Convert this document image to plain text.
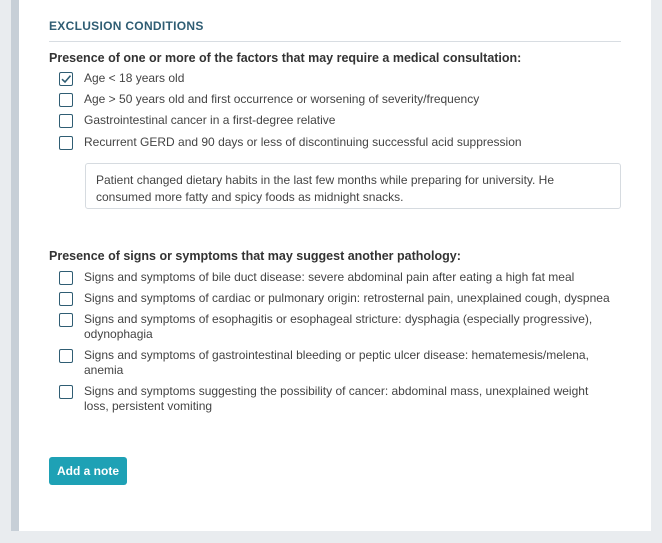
EXCLUSION CONDITIONS
Presence of one or more of the factors that may require a medical consultation:
Age < 18 years old
Age > 50 years old and first occurrence or worsening of severity/frequency
Gastrointestinal cancer in a first-degree relative
Recurrent GERD and 90 days or less of discontinuing successful acid suppression
Patient changed dietary habits in the last few months while preparing for university. He consumed more fatty and spicy foods as midnight snacks.
Presence of signs or symptoms that may suggest another pathology:
Signs and symptoms of bile duct disease: severe abdominal pain after eating a high fat meal
Signs and symptoms of cardiac or pulmonary origin: retrosternal pain, unexplained cough, dyspnea
Signs and symptoms of esophagitis or esophageal stricture: dysphagia (especially progressive), odynophagia
Signs and symptoms of gastrointestinal bleeding or peptic ulcer disease: hematemesis/melena, anemia
Signs and symptoms suggesting the possibility of cancer: abdominal mass, unexplained weight loss, persistent vomiting
Add a note
